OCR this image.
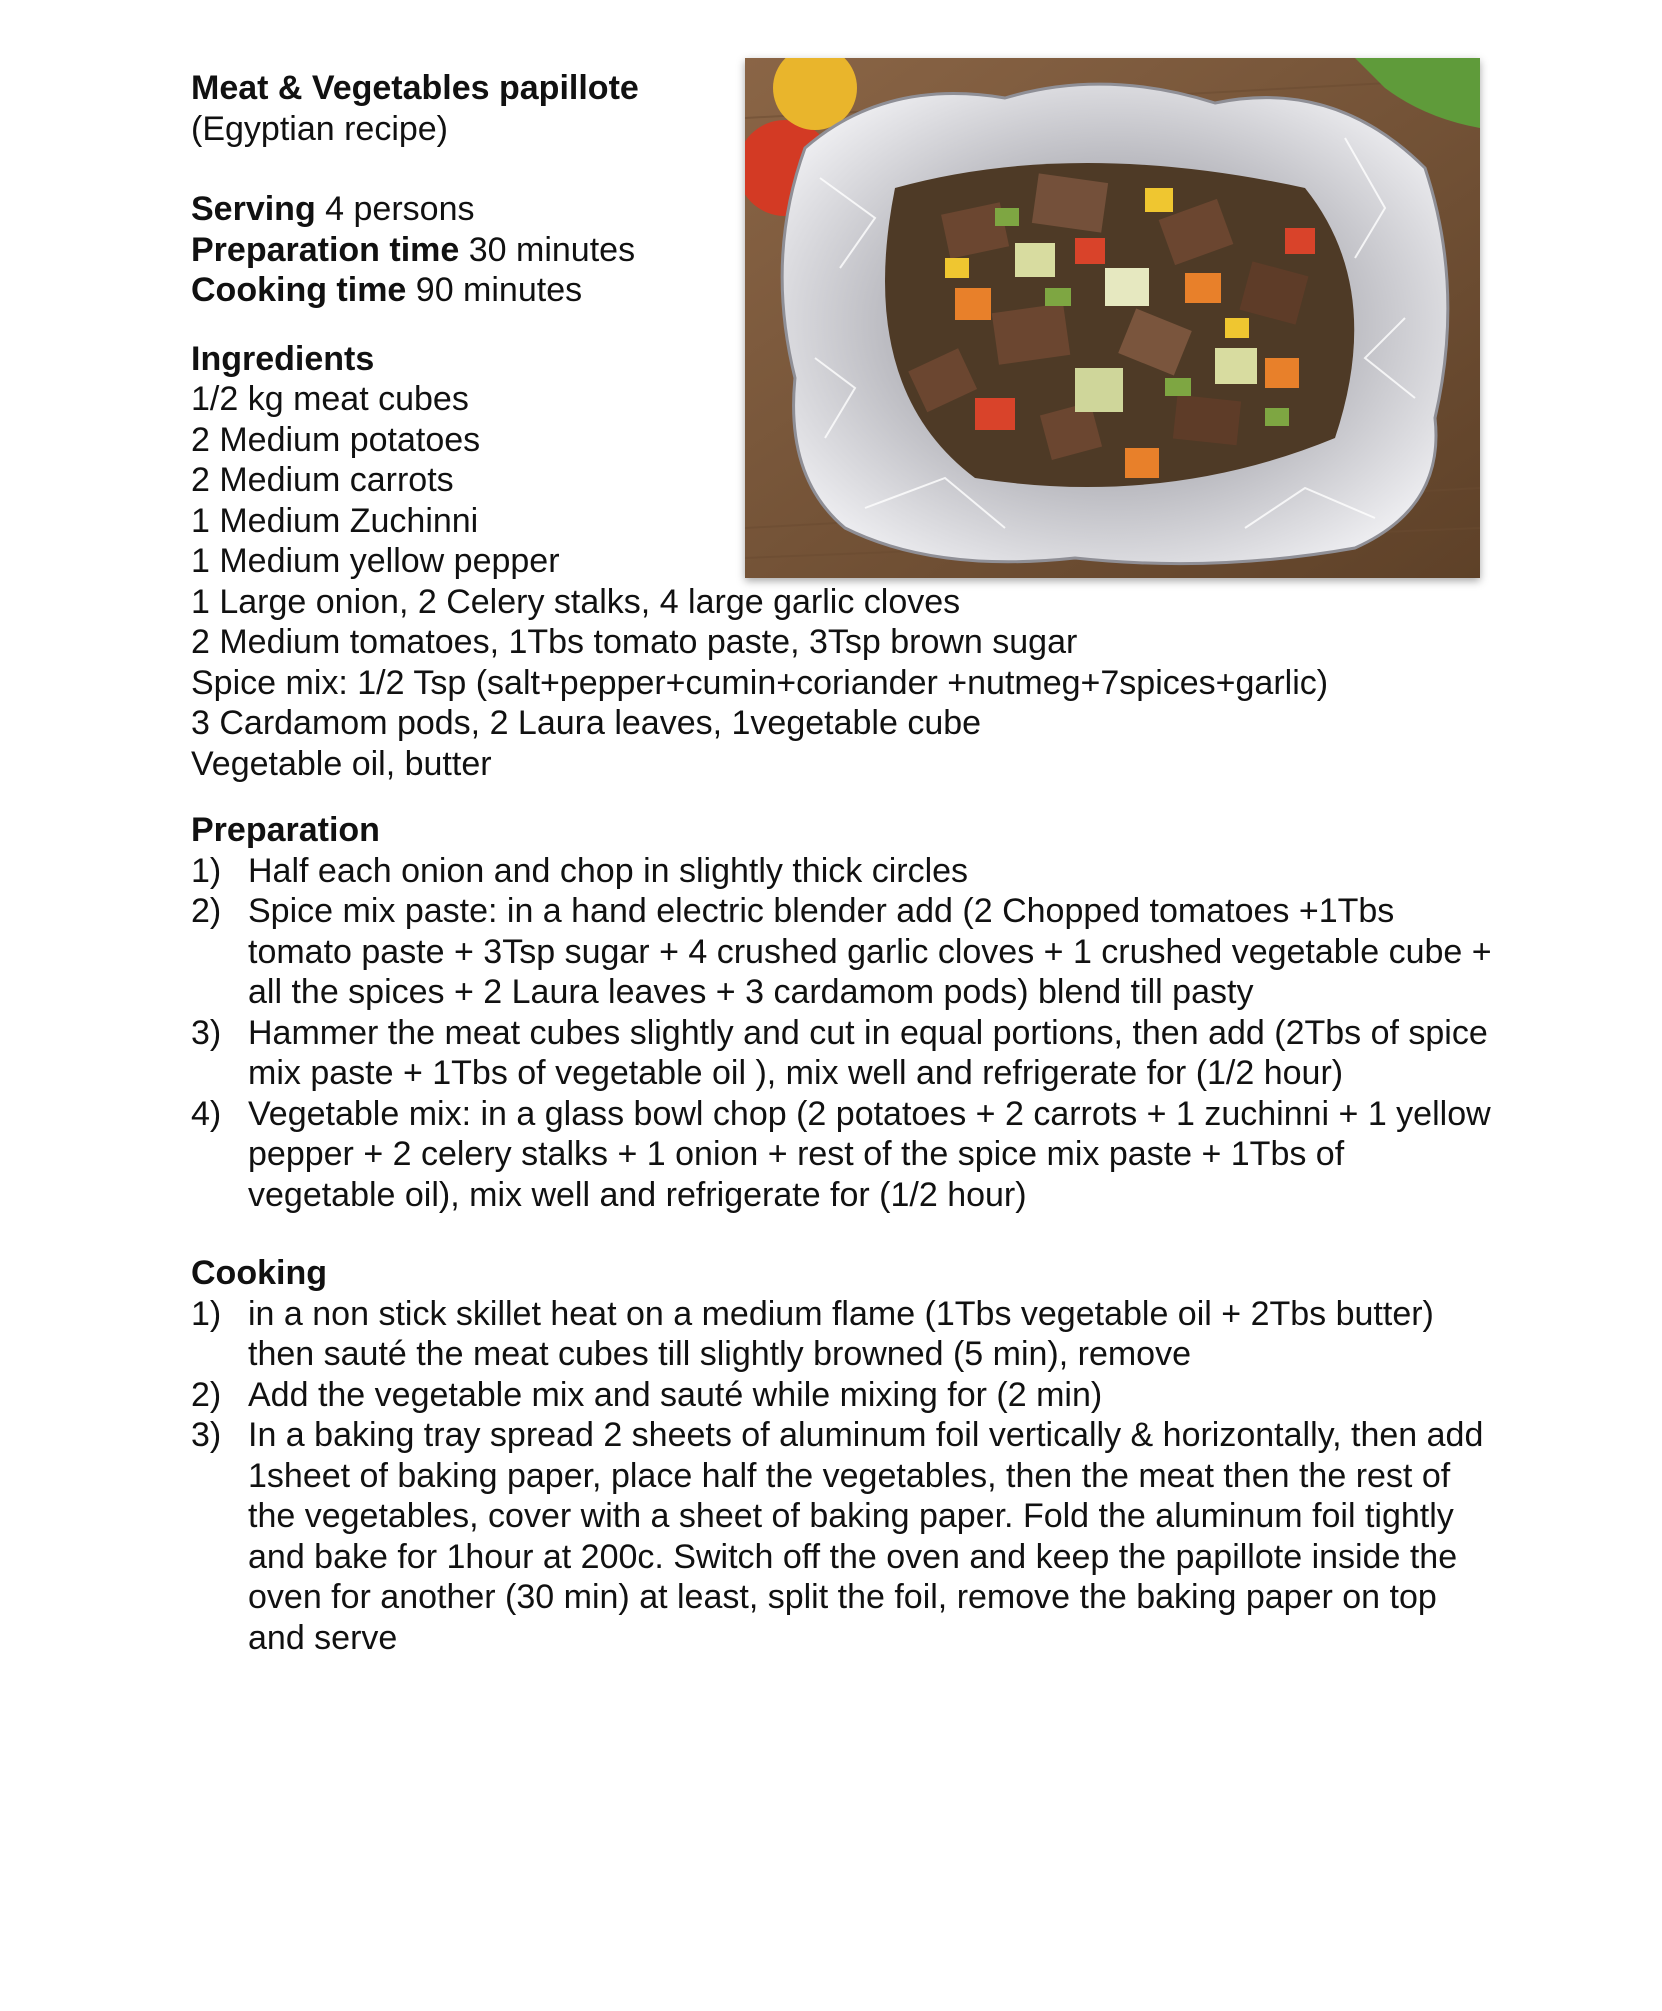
Meat & Vegetables papillote
(Egyptian recipe)
Serving 4 persons
Preparation time 30 minutes
Cooking time 90 minutes
Ingredients
1/2 kg meat cubes
2 Medium potatoes
2 Medium carrots
1 Medium Zuchinni
1 Medium yellow pepper
1 Large onion, 2 Celery stalks, 4 large garlic cloves
2 Medium tomatoes, 1Tbs tomato paste, 3Tsp brown sugar
Spice mix: 1/2 Tsp (salt+pepper+cumin+coriander +nutmeg+7spices+garlic)
3 Cardamom pods, 2 Laura leaves, 1vegetable cube
Vegetable oil, butter
Preparation
1) Half each onion and chop in slightly thick circles
2) Spice mix paste: in a hand electric blender add (2 Chopped tomatoes +1Tbs tomato paste + 3Tsp sugar + 4 crushed garlic cloves + 1 crushed vegetable cube + all the spices + 2 Laura leaves + 3 cardamom pods) blend till pasty
3) Hammer the meat cubes slightly and cut in equal portions, then add (2Tbs of spice mix paste + 1Tbs of vegetable oil ), mix well and refrigerate for (1/2 hour)
4) Vegetable mix: in a glass bowl chop (2 potatoes + 2 carrots + 1 zuchinni + 1 yellow pepper + 2 celery stalks + 1 onion + rest of the spice mix paste + 1Tbs of vegetable oil), mix well and refrigerate for (1/2 hour)
Cooking
1) in a non stick skillet heat on a medium flame (1Tbs vegetable oil + 2Tbs butter) then sauté the meat cubes till slightly browned (5 min), remove
2) Add the vegetable mix and sauté while mixing for (2 min)
3) In a baking tray spread 2 sheets of aluminum foil vertically & horizontally, then add 1sheet of baking paper, place half the vegetables, then the meat then the rest of the vegetables, cover with a sheet of baking paper. Fold the aluminum foil tightly and bake for 1hour at 200c. Switch off the oven and keep the papillote inside the oven for another (30 min) at least, split the foil, remove the baking paper on top and serve
